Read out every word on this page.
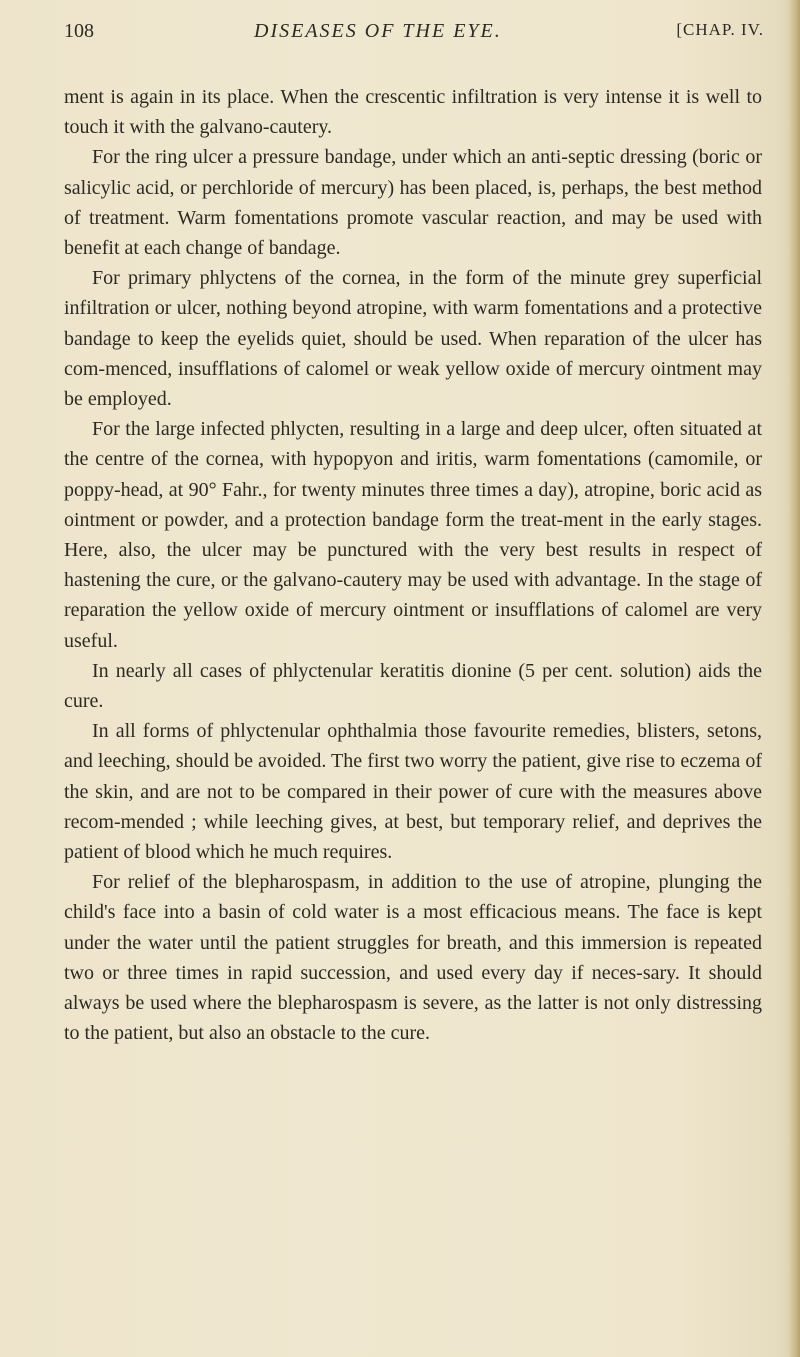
108	DISEASES OF THE EYE.	[CHAP. IV.

ment is again in its place. When the crescentic infiltration is very intense it is well to touch it with the galvano-cautery.

For the ring ulcer a pressure bandage, under which an anti-septic dressing (boric or salicylic acid, or perchloride of mercury) has been placed, is, perhaps, the best method of treatment. Warm fomentations promote vascular reaction, and may be used with benefit at each change of bandage.

For primary phlyctens of the cornea, in the form of the minute grey superficial infiltration or ulcer, nothing beyond atropine, with warm fomentations and a protective bandage to keep the eyelids quiet, should be used. When reparation of the ulcer has com-menced, insufflations of calomel or weak yellow oxide of mercury ointment may be employed.

For the large infected phlycten, resulting in a large and deep ulcer, often situated at the centre of the cornea, with hypopyon and iritis, warm fomentations (camomile, or poppy-head, at 90° Fahr., for twenty minutes three times a day), atropine, boric acid as ointment or powder, and a protection bandage form the treat-ment in the early stages. Here, also, the ulcer may be punctured with the very best results in respect of hastening the cure, or the galvano-cautery may be used with advantage. In the stage of reparation the yellow oxide of mercury ointment or insufflations of calomel are very useful.

In nearly all cases of phlyctenular keratitis dionine (5 per cent. solution) aids the cure.

In all forms of phlyctenular ophthalmia those favourite remedies, blisters, setons, and leeching, should be avoided. The first two worry the patient, give rise to eczema of the skin, and are not to be compared in their power of cure with the measures above recom-mended ; while leeching gives, at best, but temporary relief, and deprives the patient of blood which he much requires.

For relief of the blepharospasm, in addition to the use of atropine, plunging the child's face into a basin of cold water is a most efficacious means. The face is kept under the water until the patient struggles for breath, and this immersion is repeated two or three times in rapid succession, and used every day if neces-sary. It should always be used where the blepharospasm is severe, as the latter is not only distressing to the patient, but also an obstacle to the cure.
